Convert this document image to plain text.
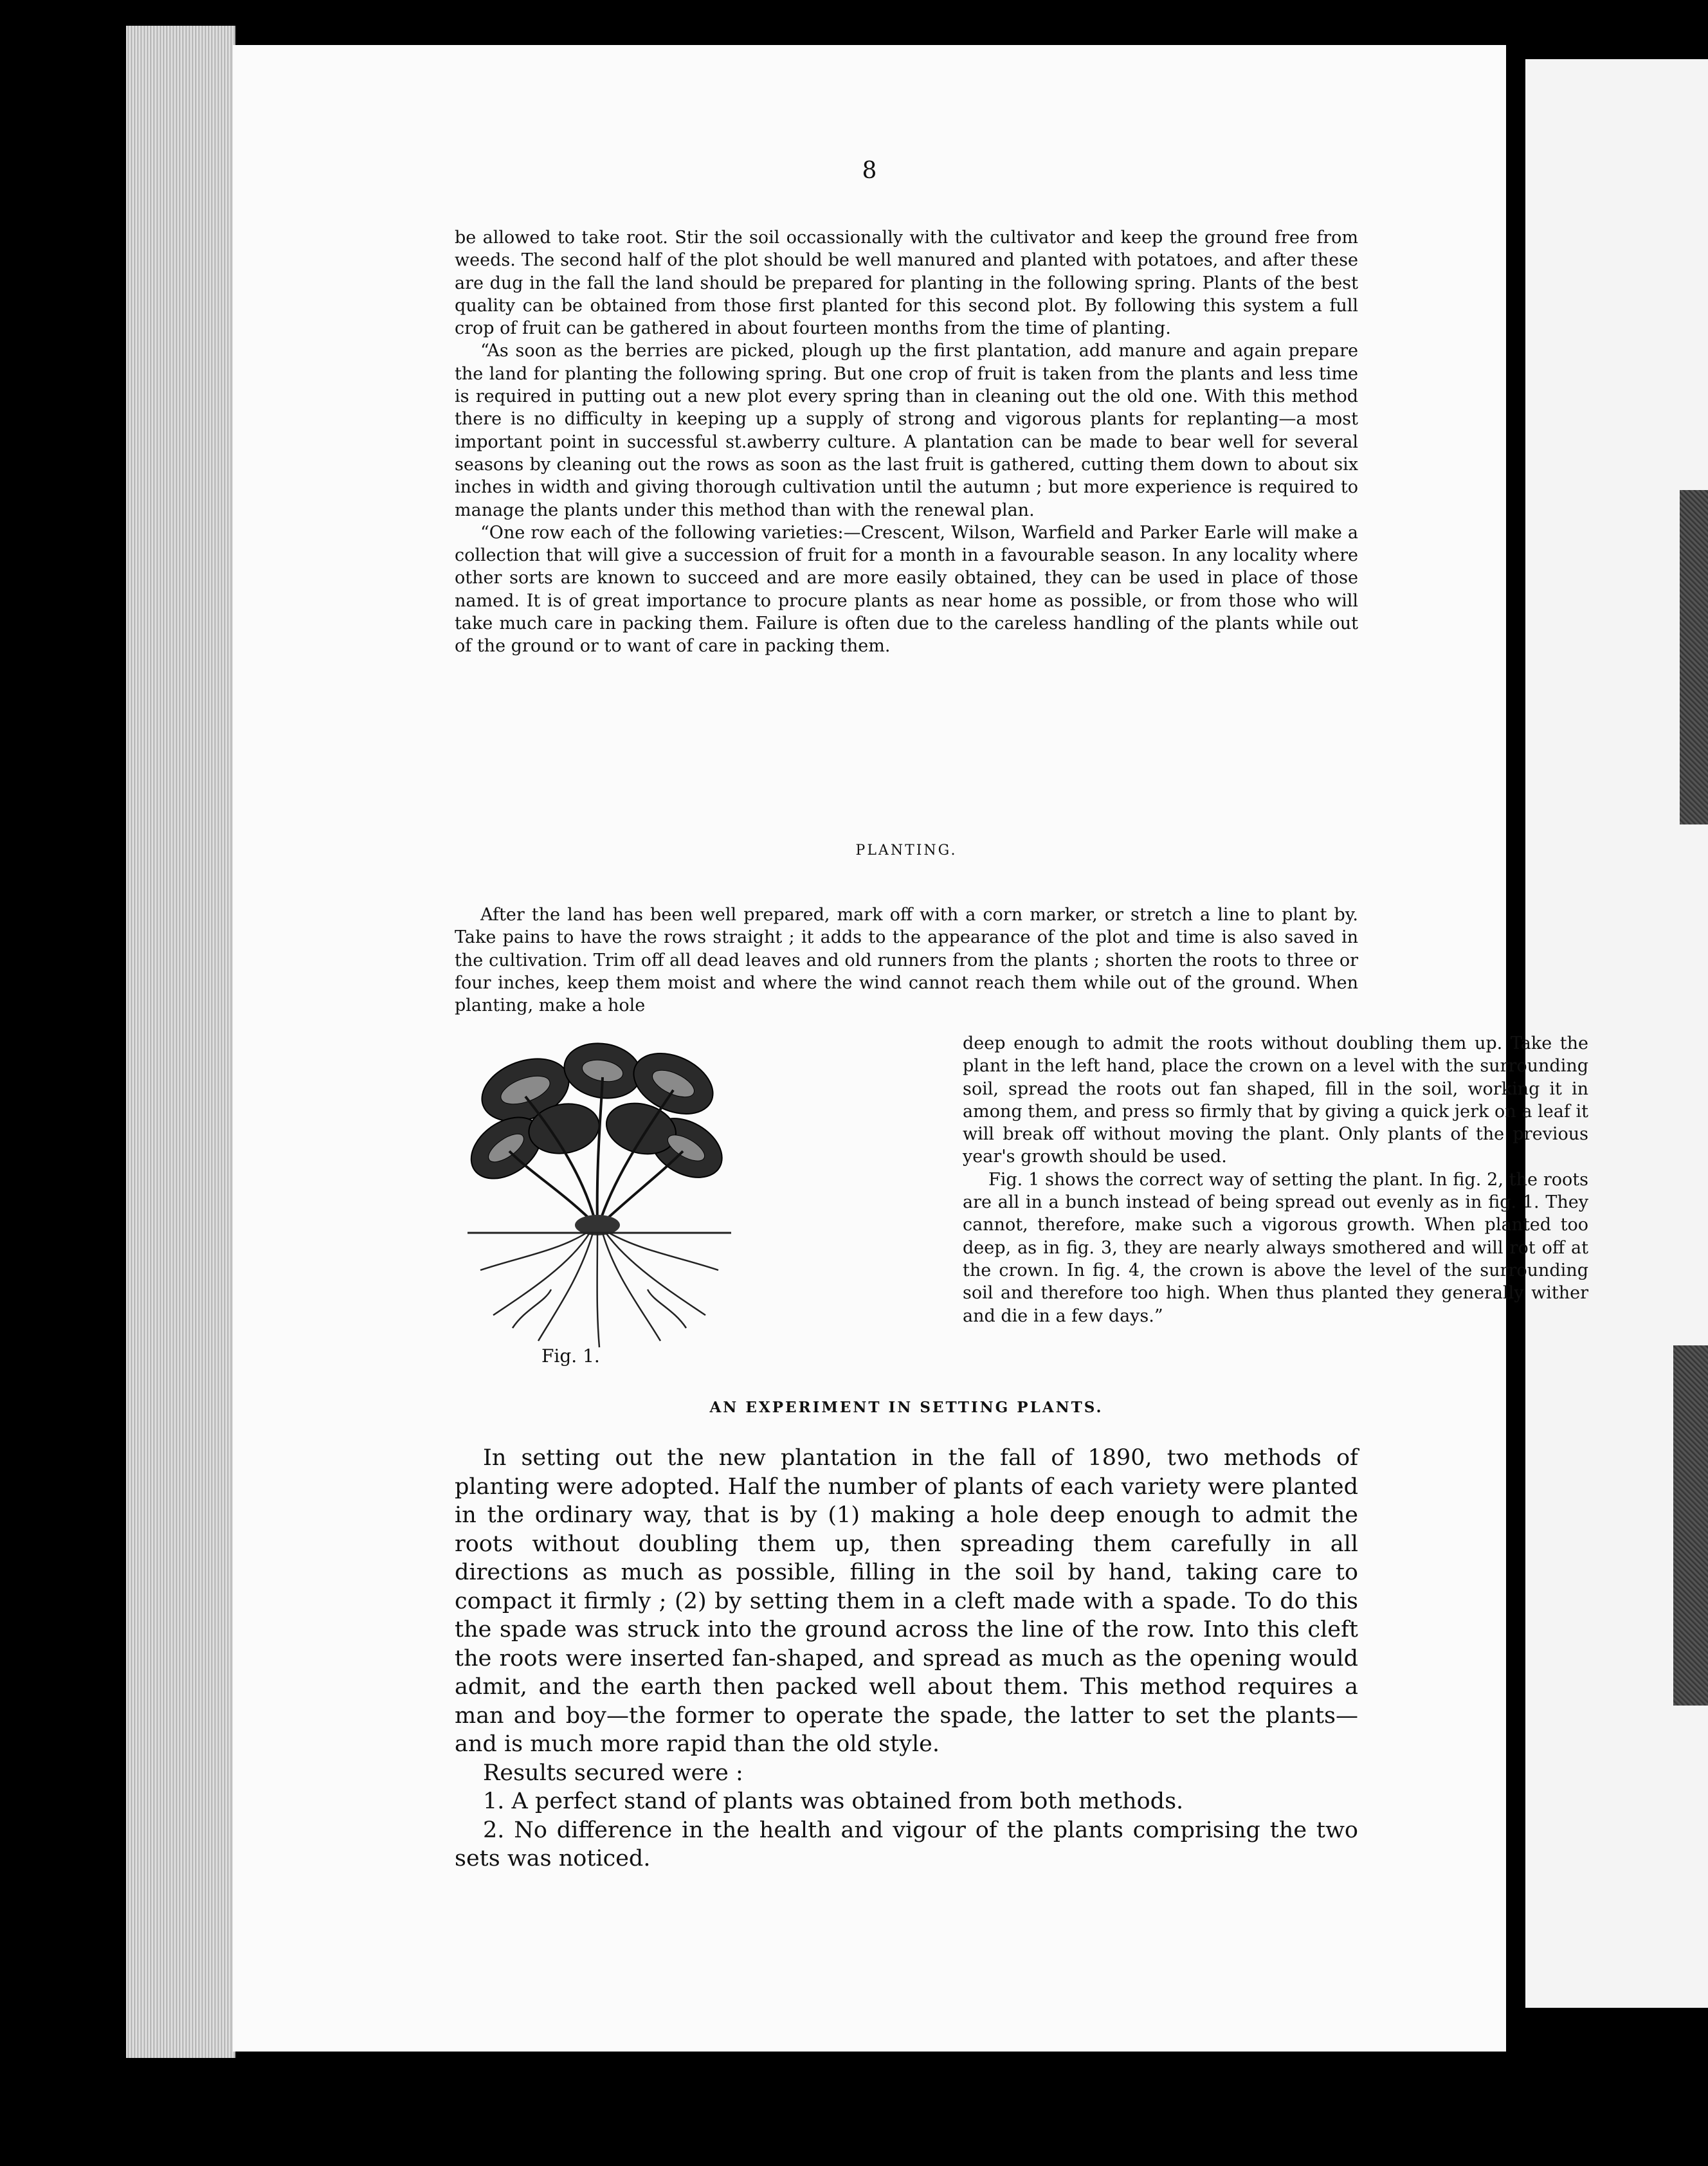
8

be allowed to take root. Stir the soil occassionally with the cultivator and keep the ground free from weeds. The second half of the plot should be well manured and planted with potatoes, and after these are dug in the fall the land should be prepared for planting in the following spring. Plants of the best quality can be obtained from those first planted for this second plot. By following this system a full crop of fruit can be gathered in about fourteen months from the time of planting.

“As soon as the berries are picked, plough up the first plantation, add manure and again prepare the land for planting the following spring. But one crop of fruit is taken from the plants and less time is required in putting out a new plot every spring than in cleaning out the old one. With this method there is no difficulty in keeping up a supply of strong and vigorous plants for replanting—a most important point in successful st.awberry culture. A plantation can be made to bear well for several seasons by cleaning out the rows as soon as the last fruit is gathered, cutting them down to about six inches in width and giving thorough cultivation until the autumn ; but more experience is required to manage the plants under this method than with the renewal plan.

“One row each of the following varieties:—Crescent, Wilson, Warfield and Parker Earle will make a collection that will give a succession of fruit for a month in a favourable season. In any locality where other sorts are known to succeed and are more easily obtained, they can be used in place of those named. It is of great importance to procure plants as near home as possible, or from those who will take much care in packing them. Failure is often due to the careless handling of the plants while out of the ground or to want of care in packing them.

PLANTING.

After the land has been well prepared, mark off with a corn marker, or stretch a line to plant by. Take pains to have the rows straight ; it adds to the appearance of the plot and time is also saved in the cultivation. Trim off all dead leaves and old runners from the plants ; shorten the roots to three or four inches, keep them moist and where the wind cannot reach them while out of the ground. When planting, make a hole

Fig. 1.

deep enough to admit the roots without doubling them up. Take the plant in the left hand, place the crown on a level with the surrounding soil, spread the roots out fan shaped, fill in the soil, working it in among them, and press so firmly that by giving a quick jerk on a leaf it will break off without moving the plant. Only plants of the previous year's growth should be used.

Fig. 1 shows the correct way of setting the plant. In fig. 2, the roots are all in a bunch instead of being spread out evenly as in fig. 1. They cannot, therefore, make such a vigorous growth. When planted too deep, as in fig. 3, they are nearly always smothered and will rot off at the crown. In fig. 4, the crown is above the level of the surrounding soil and therefore too high. When thus planted they generally wither and die in a few days.”

AN EXPERIMENT IN SETTING PLANTS.

In setting out the new plantation in the fall of 1890, two methods of planting were adopted. Half the number of plants of each variety were planted in the ordinary way, that is by (1) making a hole deep enough to admit the roots without doubling them up, then spreading them carefully in all directions as much as possible, filling in the soil by hand, taking care to compact it firmly ; (2) by setting them in a cleft made with a spade. To do this the spade was struck into the ground across the line of the row. Into this cleft the roots were inserted fan-shaped, and spread as much as the opening would admit, and the earth then packed well about them. This method requires a man and boy—the former to operate the spade, the latter to set the plants—and is much more rapid than the old style.

Results secured were :

1. A perfect stand of plants was obtained from both methods.

2. No difference in the health and vigour of the plants comprising the two sets was noticed.
